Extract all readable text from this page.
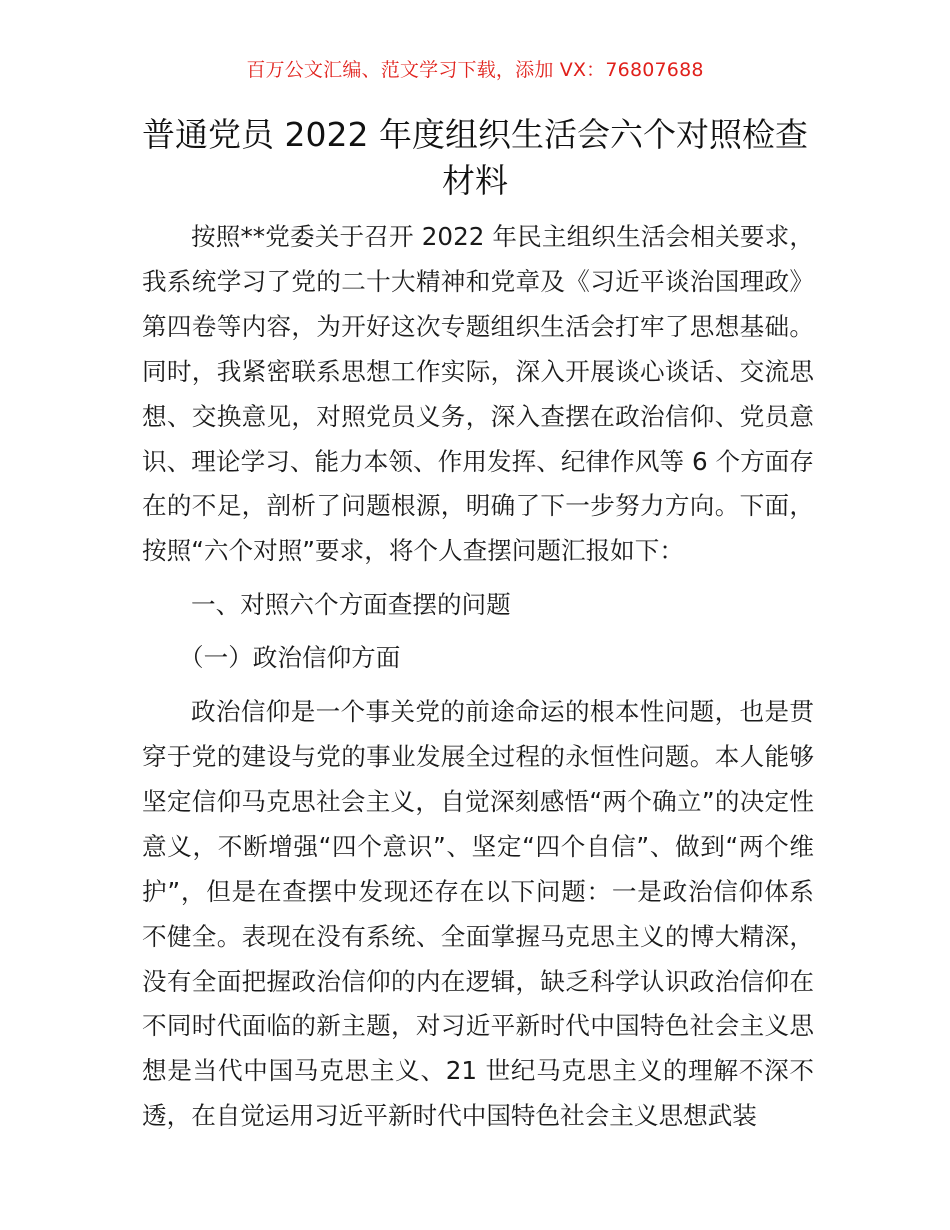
百万公文汇编、范文学习下载，添加 VX：76807688
普通党员 2022 年度组织生活会六个对照检查材料

按照**党委关于召开 2022 年民主组织生活会相关要求，我系统学习了党的二十大精神和党章及《习近平谈治国理政》第四卷等内容，为开好这次专题组织生活会打牢了思想基础。同时，我紧密联系思想工作实际，深入开展谈心谈话、交流思想、交换意见，对照党员义务，深入查摆在政治信仰、党员意识、理论学习、能力本领、作用发挥、纪律作风等 6 个方面存在的不足，剖析了问题根源，明确了下一步努力方向。下面，按照“六个对照”要求，将个人查摆问题汇报如下：

一、对照六个方面查摆的问题

（一）政治信仰方面

政治信仰是一个事关党的前途命运的根本性问题，也是贯穿于党的建设与党的事业发展全过程的永恒性问题。本人能够坚定信仰马克思社会主义，自觉深刻感悟“两个确立”的决定性意义，不断增强“四个意识”、坚定“四个自信”、做到“两个维护”，但是在查摆中发现还存在以下问题：一是政治信仰体系不健全。表现在没有系统、全面掌握马克思主义的博大精深，没有全面把握政治信仰的内在逻辑，缺乏科学认识政治信仰在不同时代面临的新主题，对习近平新时代中国特色社会主义思想是当代中国马克思主义、21 世纪马克思主义的理解不深不透，在自觉运用习近平新时代中国特色社会主义思想武装
